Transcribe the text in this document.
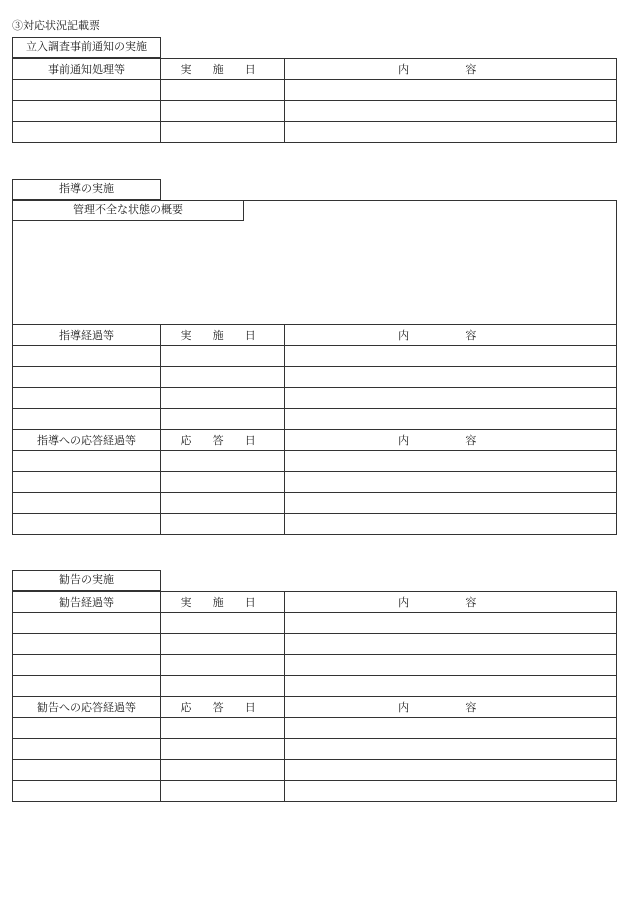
③対応状況記載票
立入調査事前通知の実施
事前通知処理等	実 施 日	内 容

指導の実施
管理不全な状態の概要
指導経過等	実 施 日	内 容

指導への応答経過等	応 答 日	内 容

勧告の実施
勧告経過等	実 施 日	内 容

勧告への応答経過等	応 答 日	内 容
